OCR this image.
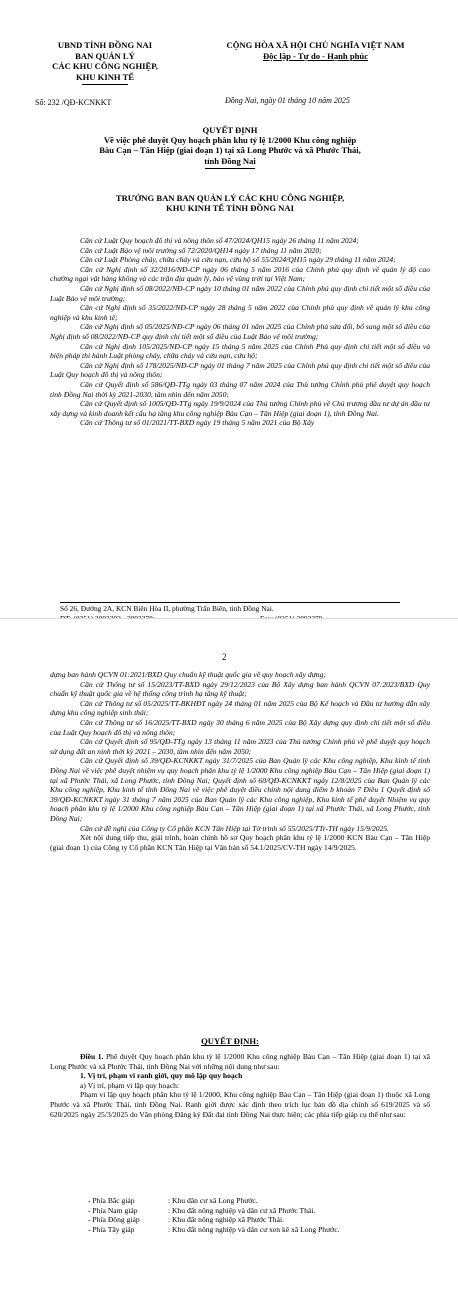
UBND TỈNH ĐỒNG NAI
BAN QUẢN LÝ
CÁC KHU CÔNG NGHIỆP,
KHU KINH TẾ
CỘNG HÒA XÃ HỘI CHỦ NGHĨA VIỆT NAM
Độc lập - Tự do - Hạnh phúc
Số: 232 /QĐ-KCNKKT	Đồng Nai, ngày 01 tháng 10 năm 2025
QUYẾT ĐỊNH
Về việc phê duyệt Quy hoạch phân khu tỷ lệ 1/2000 Khu công nghiệp
Bàu Cạn – Tân Hiệp (giai đoạn 1) tại xã Long Phước và xã Phước Thái,
tỉnh Đồng Nai
TRƯỞNG BAN BAN QUẢN LÝ CÁC KHU CÔNG NGHIỆP,
KHU KINH TẾ TỈNH ĐỒNG NAI
Căn cứ Luật Quy hoạch đô thị và nông thôn số 47/2024/QH15 ngày 26 tháng 11 năm 2024;
Căn cứ Luật Bảo vệ môi trường số 72/2020/QH14 ngày 17 tháng 11 năm 2020;
Căn cứ Luật Phòng cháy, chữa cháy và cứu nạn, cứu hộ số 55/2024/QH15 ngày 29 tháng 11 năm 2024;
Căn cứ Nghị định số 32/2016/NĐ-CP ngày 06 tháng 5 năm 2016 của Chính phủ quy định về quản lý độ cao chướng ngại vật hàng không và các trận địa quản lý, bảo vệ vùng trời tại Việt Nam;
Căn cứ Nghị định số 08/2022/NĐ-CP ngày 10 tháng 01 năm 2022 của Chính phủ quy định chi tiết một số điều của Luật Bảo vệ môi trường;
Căn cứ Nghị định số 35/2022/NĐ-CP ngày 28 tháng 5 năm 2022 của Chính phủ quy định về quản lý khu công nghiệp và khu kinh tế;
Căn cứ Nghị định số 05/2025/NĐ-CP ngày 06 tháng 01 năm 2025 của Chính phủ sửa đổi, bổ sung một số điều của Nghị định số 08/2022/NĐ-CP quy định chi tiết một số điều của Luật Bảo vệ môi trường;
Căn cứ Nghị định 105/2025/NĐ-CP ngày 15 tháng 5 năm 2025 của Chính Phủ quy định chi tiết một số điều và biện pháp thi hành Luật phòng cháy, chữa cháy và cứu nạn, cứu hộ;
Căn cứ Nghị định số 178/2025/NĐ-CP ngày 01 tháng 7 năm 2025 của Chính phủ quy định chi tiết một số điều của Luật Quy hoạch đô thị và nông thôn;
Căn cứ Quyết định số 586/QĐ-TTg ngày 03 tháng 07 năm 2024 của Thủ tướng Chính phủ phê duyệt quy hoạch tỉnh Đồng Nai thời kỳ 2021-2030, tầm nhìn đến năm 2050;
Căn cứ Quyết định số 1005/QĐ-TTg ngày 19/9/2024 của Thủ tướng Chính phủ về Chủ trương đầu tư dự án đầu tư xây dựng và kinh doanh kết cấu hạ tầng khu công nghiệp Bàu Cạn – Tân Hiệp (giai đoạn 1), tỉnh Đồng Nai.
Căn cứ Thông tư số 01/2021/TT-BXD ngày 19 tháng 5 năm 2021 của Bộ Xây
Số 26, Đường 2A, KCN Biên Hòa II, phường Trấn Biên, tỉnh Đồng Nai.
2
dựng ban hành QCVN 01:2021/BXD Quy chuẩn kỹ thuật quốc gia về quy hoạch xây dựng;
Căn cứ Thông tư số 15/2023/TT-BXD ngày 29/12/2023 của Bộ Xây dựng ban hành QCVN 07:2023/BXD Quy chuẩn kỹ thuật quốc gia về hệ thống công trình hạ tầng kỹ thuật;
Căn cứ Thông tư số 05/2025/TT-BKHĐT ngày 24 tháng 01 năm 2025 của Bộ Kế hoạch và Đầu tư hướng dẫn xây dựng khu công nghiệp sinh thái;
Căn cứ Thông tư số 16/2025/TT-BXD ngày 30 tháng 6 năm 2025 của Bộ Xây dựng quy định chi tiết một số điều của Luật Quy hoạch đô thị và nông thôn;
Căn cứ Quyết định số 95/QĐ-TTg ngày 13 tháng 11 năm 2023 của Thủ tướng Chính phủ về phê duyệt quy hoạch sử dụng đất an ninh thời kỳ 2021 – 2030, tầm nhìn đến năm 2050;
Căn cứ Quyết định số 39/QĐ-KCNKKT ngày 31/7/2025 của Ban Quản lý các Khu công nghiệp, Khu kinh tế tỉnh Đồng Nai về việc phê duyệt nhiệm vụ quy hoạch phân khu tỷ lệ 1/2000 Khu công nghiệp Bàu Cạn – Tân Hiệp (giai đoạn 1) tại xã Phước Thái, xã Long Phước, tỉnh Đồng Nai; Quyết định số 60/QĐ-KCNKKT ngày 12/8/2025 của Ban Quản lý các Khu công nghiệp, Khu kinh tế tỉnh Đồng Nai về việc phê duyệt điều chỉnh nội dung điểm b khoản 7 Điều 1 Quyết định số 39/QĐ-KCNKKT ngày 31 tháng 7 năm 2025 của Ban Quản lý các Khu công nghiệp, Khu kinh tế phê duyệt Nhiệm vụ quy hoạch phân khu tỷ lệ 1/2000 Khu công nghiệp Bàu Cạn – Tân Hiệp (giai đoạn 1) tại xã Phước Thái, xã Long Phước, tỉnh Đồng Nai;
Căn cứ đề nghị của Công ty Cổ phần KCN Tân Hiệp tại Tờ trình số 55/2025/TTr-TH ngày 15/9/2025.
Xét nội dung tiếp thu, giải trình, hoàn chỉnh hồ sơ Quy hoạch phân khu tỷ lệ 1/2000 KCN Bàu Cạn – Tân Hiệp (giai đoạn 1) của Công ty Cổ phần KCN Tân Hiệp tại Văn bản số 54.1/2025/CV-TH ngày 14/9/2025.
QUYẾT ĐỊNH:
Điều 1. Phê duyệt Quy hoạch phân khu tỷ lệ 1/2000 Khu công nghiệp Bàu Cạn – Tân Hiệp (giai đoạn 1) tại xã Long Phước và xã Phước Thái, tỉnh Đồng Nai với những nội dung như sau:
1. Vị trí, phạm vi ranh giới, quy mô lập quy hoạch
a) Vị trí, phạm vi lập quy hoạch:
Phạm vi lập quy hoạch phân khu tỷ lệ 1/2000, Khu công nghiệp Bàu Cạn – Tân Hiệp (giai đoạn 1) thuộc xã Long Phước và xã Phước Thái, tỉnh Đồng Nai. Ranh giới được xác định theo trích lục bản đồ địa chính số 619/2025 và số 620/2025 ngày 25/3/2025 do Văn phòng Đăng ký Đất đai tỉnh Đồng Nai thực hiện; các phía tiếp giáp cụ thể như sau:
- Phía Bắc giáp	: Khu dân cư xã Long Phước.
- Phía Nam giáp	: Khu đất nông nghiệp và dân cư xã Phước Thái.
- Phía Đông giáp	: Khu đất nông nghiệp xã Phước Thái.
- Phía Tây giáp	: Khu đất nông nghiệp và dân cư xen kẽ xã Long Phước.
